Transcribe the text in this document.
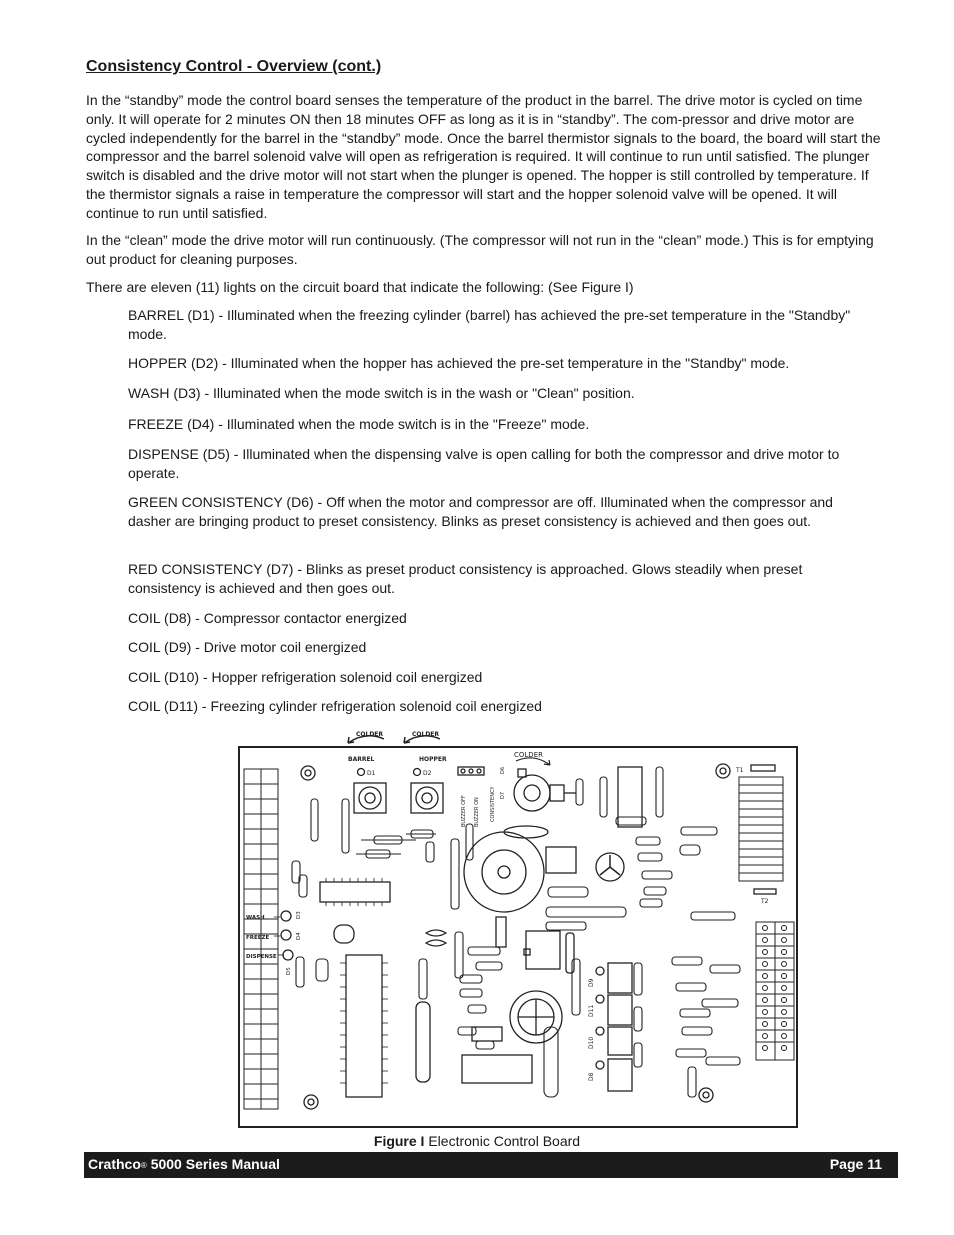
Consistency Control - Overview (cont.)

In the “standby” mode the control board senses the temperature of the product in the barrel. The drive motor is cycled on time only. It will operate for 2 minutes ON then 18 minutes OFF as long as it is in “standby”. The com-pressor and drive motor are cycled independently for the barrel in the “standby” mode. Once the barrel thermistor signals to the board, the board will start the compressor and the barrel solenoid valve will open as refrigeration is required. It will continue to run until satisfied. The plunger switch is disabled and the drive motor will not start when the plunger is opened. The hopper is still controlled by temperature. If the thermistor signals a raise in temperature the compressor will start and the hopper solenoid valve will be opened. It will continue to run until satisfied.

In the “clean” mode the drive motor will run continuously. (The compressor will not run in the “clean” mode.) This is for emptying out product for cleaning purposes.

There are eleven (11) lights on the circuit board that indicate the following: (See Figure I)

BARREL (D1) - Illuminated when the freezing cylinder (barrel) has achieved the pre-set temperature in the "Standby" mode.

HOPPER (D2) - Illuminated when the hopper has achieved the pre-set temperature in the "Standby" mode.

WASH (D3) - Illuminated when the mode switch is in the wash or "Clean" position.

FREEZE (D4) - Illuminated when the mode switch is in the "Freeze" mode.

DISPENSE (D5) - Illuminated when the dispensing valve is open calling for both the compressor and drive motor to operate.

GREEN CONSISTENCY (D6) - Off when the motor and compressor are off. Illuminated when the compressor and dasher are bringing product to preset consistency. Blinks as preset consistency is achieved and then goes out.

RED CONSISTENCY (D7) - Blinks as preset product consistency is approached. Glows steadily when preset consistency is achieved and then goes out.

COIL (D8) - Compressor contactor energized

COIL (D9) - Drive motor coil energized

COIL (D10) - Hopper refrigeration solenoid coil energized

COIL (D11) - Freezing cylinder refrigeration solenoid coil energized

COLDER	COLDER
BARREL	HOPPER
D1	D2
BUZZER OFF BUZZER ON CONSISTENCY
D6
D7
COLDER
D9
D11
D10
D8
T1
T2
WASH
FREEZE
DISPENSE
D3
D4
D5
Figure I Electronic Control Board
Crathco® 5000 Series Manual	Page 11
